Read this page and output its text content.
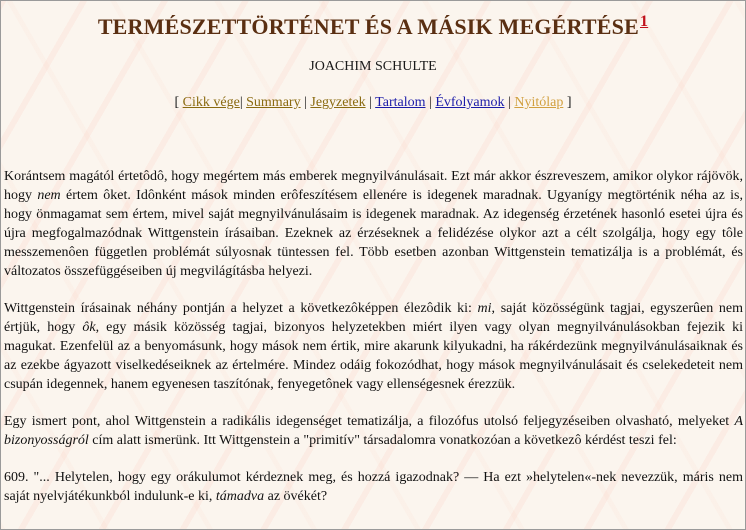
TERMÉSZETTÖRTÉNET ÉS A MÁSIK MEGÉRTÉSE$^1$
JOACHIM SCHULTE
[ Cikk vége| Summary | Jegyzetek | Tartalom | Évfolyamok | Nyitólap ]

Korántsem magától értetôdô, hogy megértem más emberek megnyilvánulásait. Ezt már akkor észreveszem, amikor olykor rájövök, hogy nem értem ôket. Idônként mások minden erôfeszítésem ellenére is idegenek maradnak. Ugyanígy megtörténik néha az is, hogy önmagamat sem értem, mivel saját megnyilvánulásaim is idegenek maradnak. Az idegenség érzetének hasonló esetei újra és újra megfogalmazódnak Wittgenstein írásaiban. Ezeknek az érzéseknek a felidézése olykor azt a célt szolgálja, hogy egy tôle messzemenôen független problémát súlyosnak tüntessen fel. Több esetben azonban Wittgenstein tematizálja is a problémát, és változatos összefüggéseiben új megvilágításba helyezi.

Wittgenstein írásainak néhány pontján a helyzet a következôképpen élezôdik ki: mi, saját közösségünk tagjai, egyszerûen nem értjük, hogy ôk, egy másik közösség tagjai, bizonyos helyzetekben miért ilyen vagy olyan megnyilvánulásokban fejezik ki magukat. Ezenfelül az a benyomásunk, hogy mások nem értik, mire akarunk kilyukadni, ha rákérdezünk megnyilvánulásaiknak és az ezekbe ágyazott viselkedéseiknek az értelmére. Mindez odáig fokozódhat, hogy mások megnyilvánulásait és cselekedeteit nem csupán idegennek, hanem egyenesen taszítónak, fenyegetônek vagy ellenségesnek érezzük.

Egy ismert pont, ahol Wittgenstein a radikális idegenséget tematizálja, a filozófus utolsó feljegyzéseiben olvasható, melyeket A bizonyosságról cím alatt ismerünk. Itt Wittgenstein a "primitív" társadalomra vonatkozóan a következô kérdést teszi fel:

609. "... Helytelen, hogy egy orákulumot kérdeznek meg, és hozzá igazodnak? — Ha ezt »helytelen«-nek nevezzük, máris nem saját nyelvjátékunkból indulunk-e ki, támadva az övékét?
